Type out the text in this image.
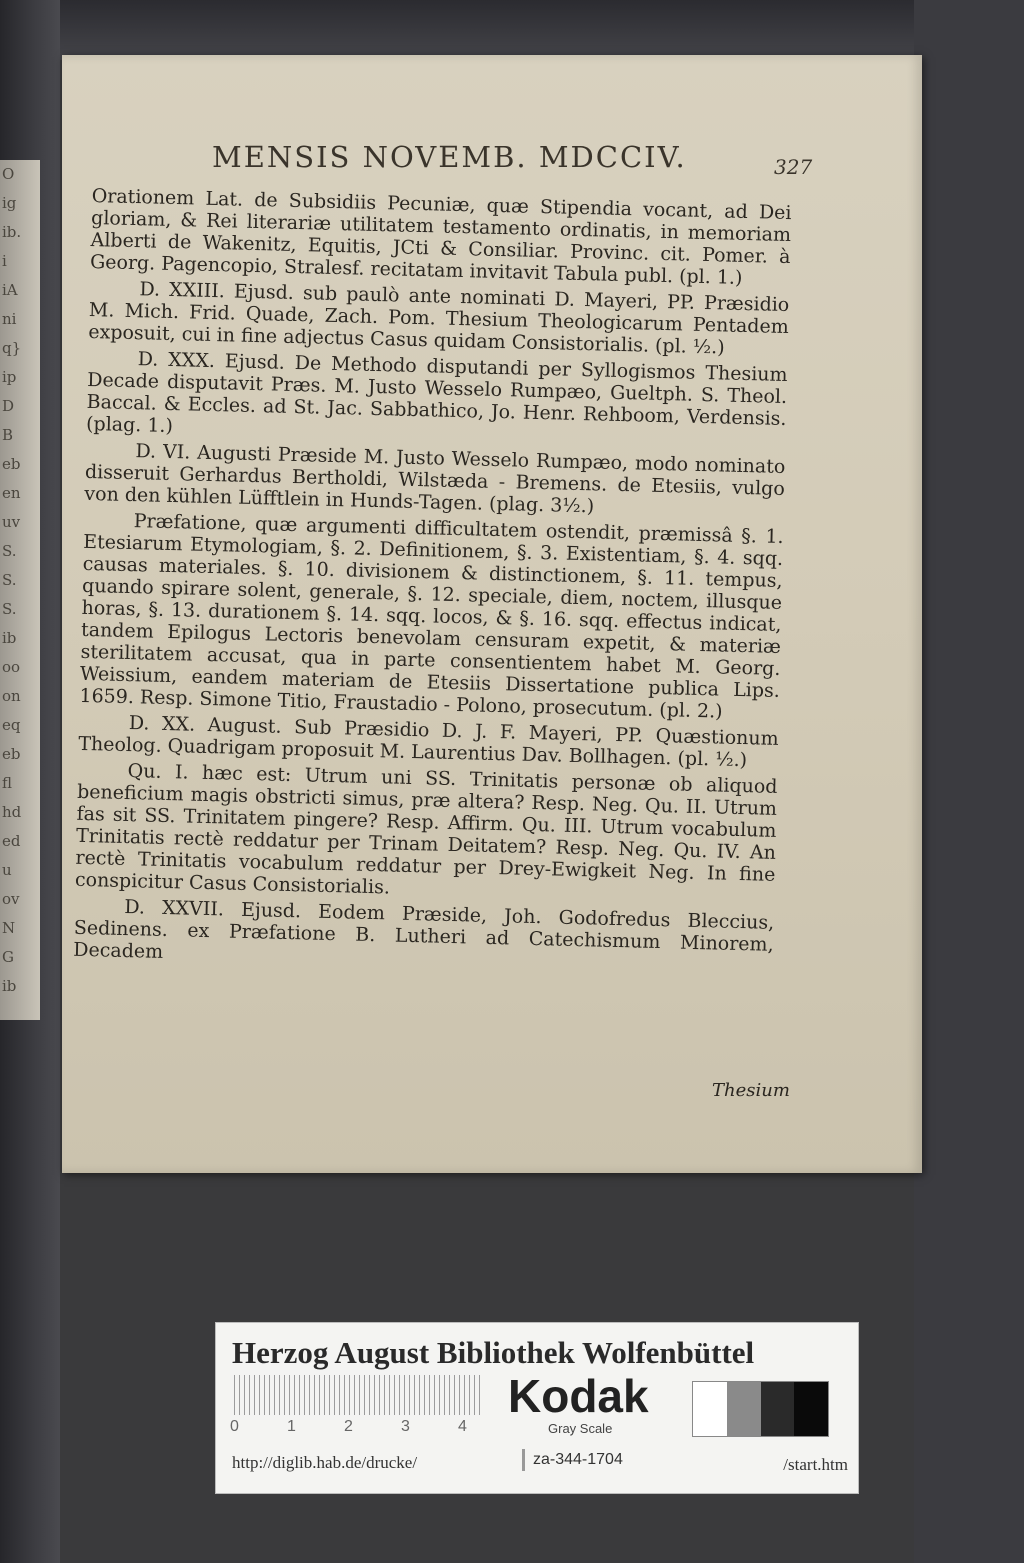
O
ig
ib.
i
iA
ni
q}
ip
D
B
eb
en
uv
S.
S.
S.
ib
oo
on
eq
eb
fl
hd
ed
u
ov
N
G
ib
MENSIS NOVEMB. MDCCIV.	327

Orationem Lat. de Subsidiis Pecuniæ, quæ Stipendia vocant, ad Dei gloriam, & Rei literariæ utilitatem testamento ordinatis, in memoriam Alberti de Wakenitz, Equitis, JCti & Consiliar. Provinc. cit. Pomer. à Georg. Pagencopio, Stralesf. recitatam invitavit Tabula publ. (pl. 1.)

D. XXIII. Ejusd. sub paulò ante nominati D. Mayeri, PP. Præsidio M. Mich. Frid. Quade, Zach. Pom. Thesium Theologicarum Pentadem exposuit, cui in fine adjectus Casus quidam Consistorialis. (pl. ½.)

D. XXX. Ejusd. De Methodo disputandi per Syllogismos Thesium Decade disputavit Præs. M. Justo Wesselo Rumpæo, Gueltph. S. Theol. Baccal. & Eccles. ad St. Jac. Sabbathico, Jo. Henr. Rehboom, Verdensis. (plag. 1.)

D. VI. Augusti Præside M. Justo Wesselo Rumpæo, modo nominato disseruit Gerhardus Bertholdi, Wilstæda - Bremens. de Etesiis, vulgo von den kühlen Lüfftlein in Hunds-Tagen. (plag. 3½.)

Præfatione, quæ argumenti difficultatem ostendit, præmissâ §. 1. Etesiarum Etymologiam, §. 2. Definitionem, §. 3. Existentiam, §. 4. sqq. causas materiales. §. 10. divisionem & distinctionem, §. 11. tempus, quando spirare solent, generale, §. 12. speciale, diem, noctem, illusque horas, §. 13. durationem §. 14. sqq. locos, & §. 16. sqq. effectus indicat, tandem Epilogus Lectoris benevolam censuram expetit, & materiæ sterilitatem accusat, qua in parte consentientem habet M. Georg. Weissium, eandem materiam de Etesiis Dissertatione publica Lips. 1659. Resp. Simone Titio, Fraustadio - Polono, prosecutum. (pl. 2.)

D. XX. August. Sub Præsidio D. J. F. Mayeri, PP. Quæstionum Theolog. Quadrigam proposuit M. Laurentius Dav. Bollhagen. (pl. ½.)

Qu. I. hæc est: Utrum uni SS. Trinitatis personæ ob aliquod beneficium magis obstricti simus, præ altera? Resp. Neg. Qu. II. Utrum fas sit SS. Trinitatem pingere? Resp. Affirm. Qu. III. Utrum vocabulum Trinitatis rectè reddatur per Trinam Deitatem? Resp. Neg. Qu. IV. An rectè Trinitatis vocabulum reddatur per Drey-Ewigkeit Neg. In fine conspicitur Casus Consistorialis.

D. XXVII. Ejusd. Eodem Præside, Joh. Godofredus Bleccius, Sedinens. ex Præfatione B. Lutheri ad Catechismum Minorem, Decadem

Thesium
Herzog August Bibliothek Wolfenbüttel
0	1	2	3	4
Kodak
Gray Scale
http://diglib.hab.de/drucke/	za-344-1704	/start.htm
